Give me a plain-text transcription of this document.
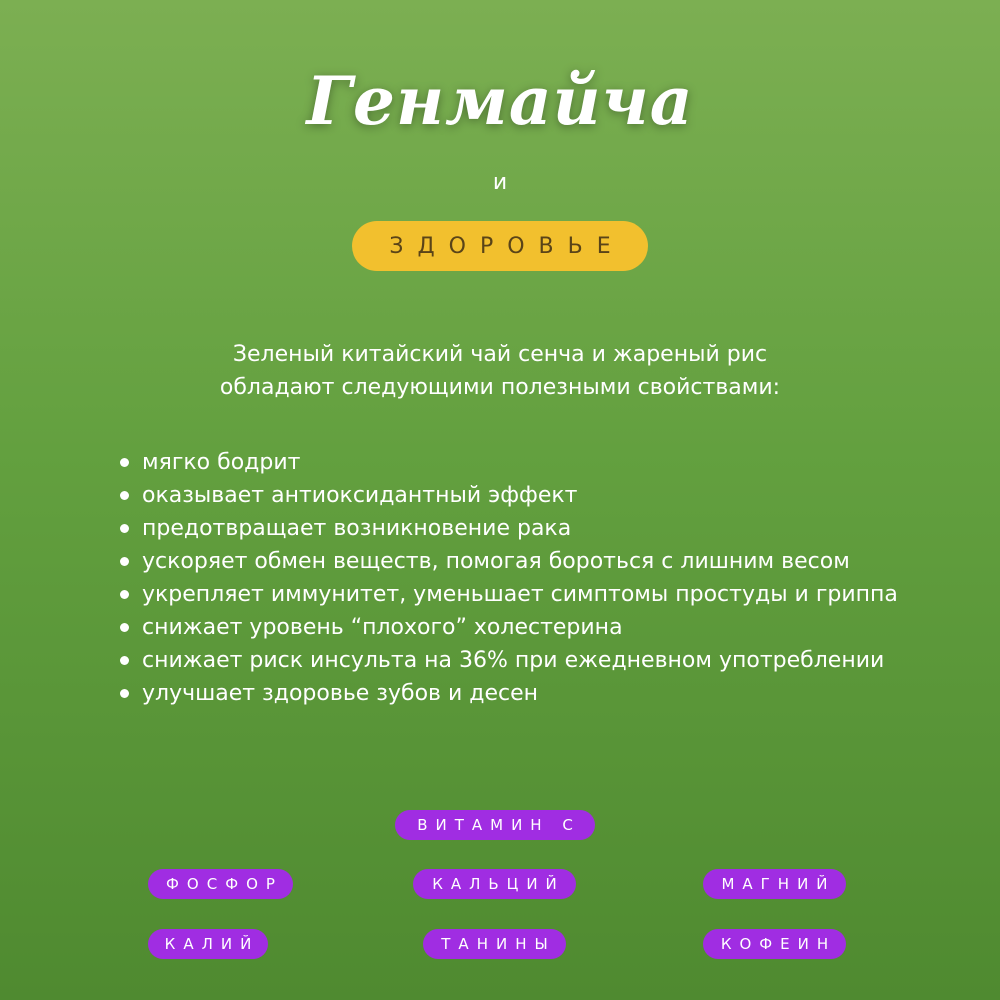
Генмайча
и
ЗДОРОВЬЕ
Зеленый китайский чай сенча и жареный рис
обладают следующими полезными свойствами:
мягко бодрит
оказывает антиоксидантный эффект
предотвращает возникновение рака
ускоряет обмен веществ, помогая бороться с лишним весом
укрепляет иммунитет, уменьшает симптомы простуды и гриппа
снижает уровень “плохого” холестерина
снижает риск инсульта на 36% при ежедневном употреблении
улучшает здоровье зубов и десен
ВИТАМИН С
ФОСФОР	КАЛЬЦИЙ	МАГНИЙ
КАЛИЙ	ТАНИНЫ	КОФЕИН
